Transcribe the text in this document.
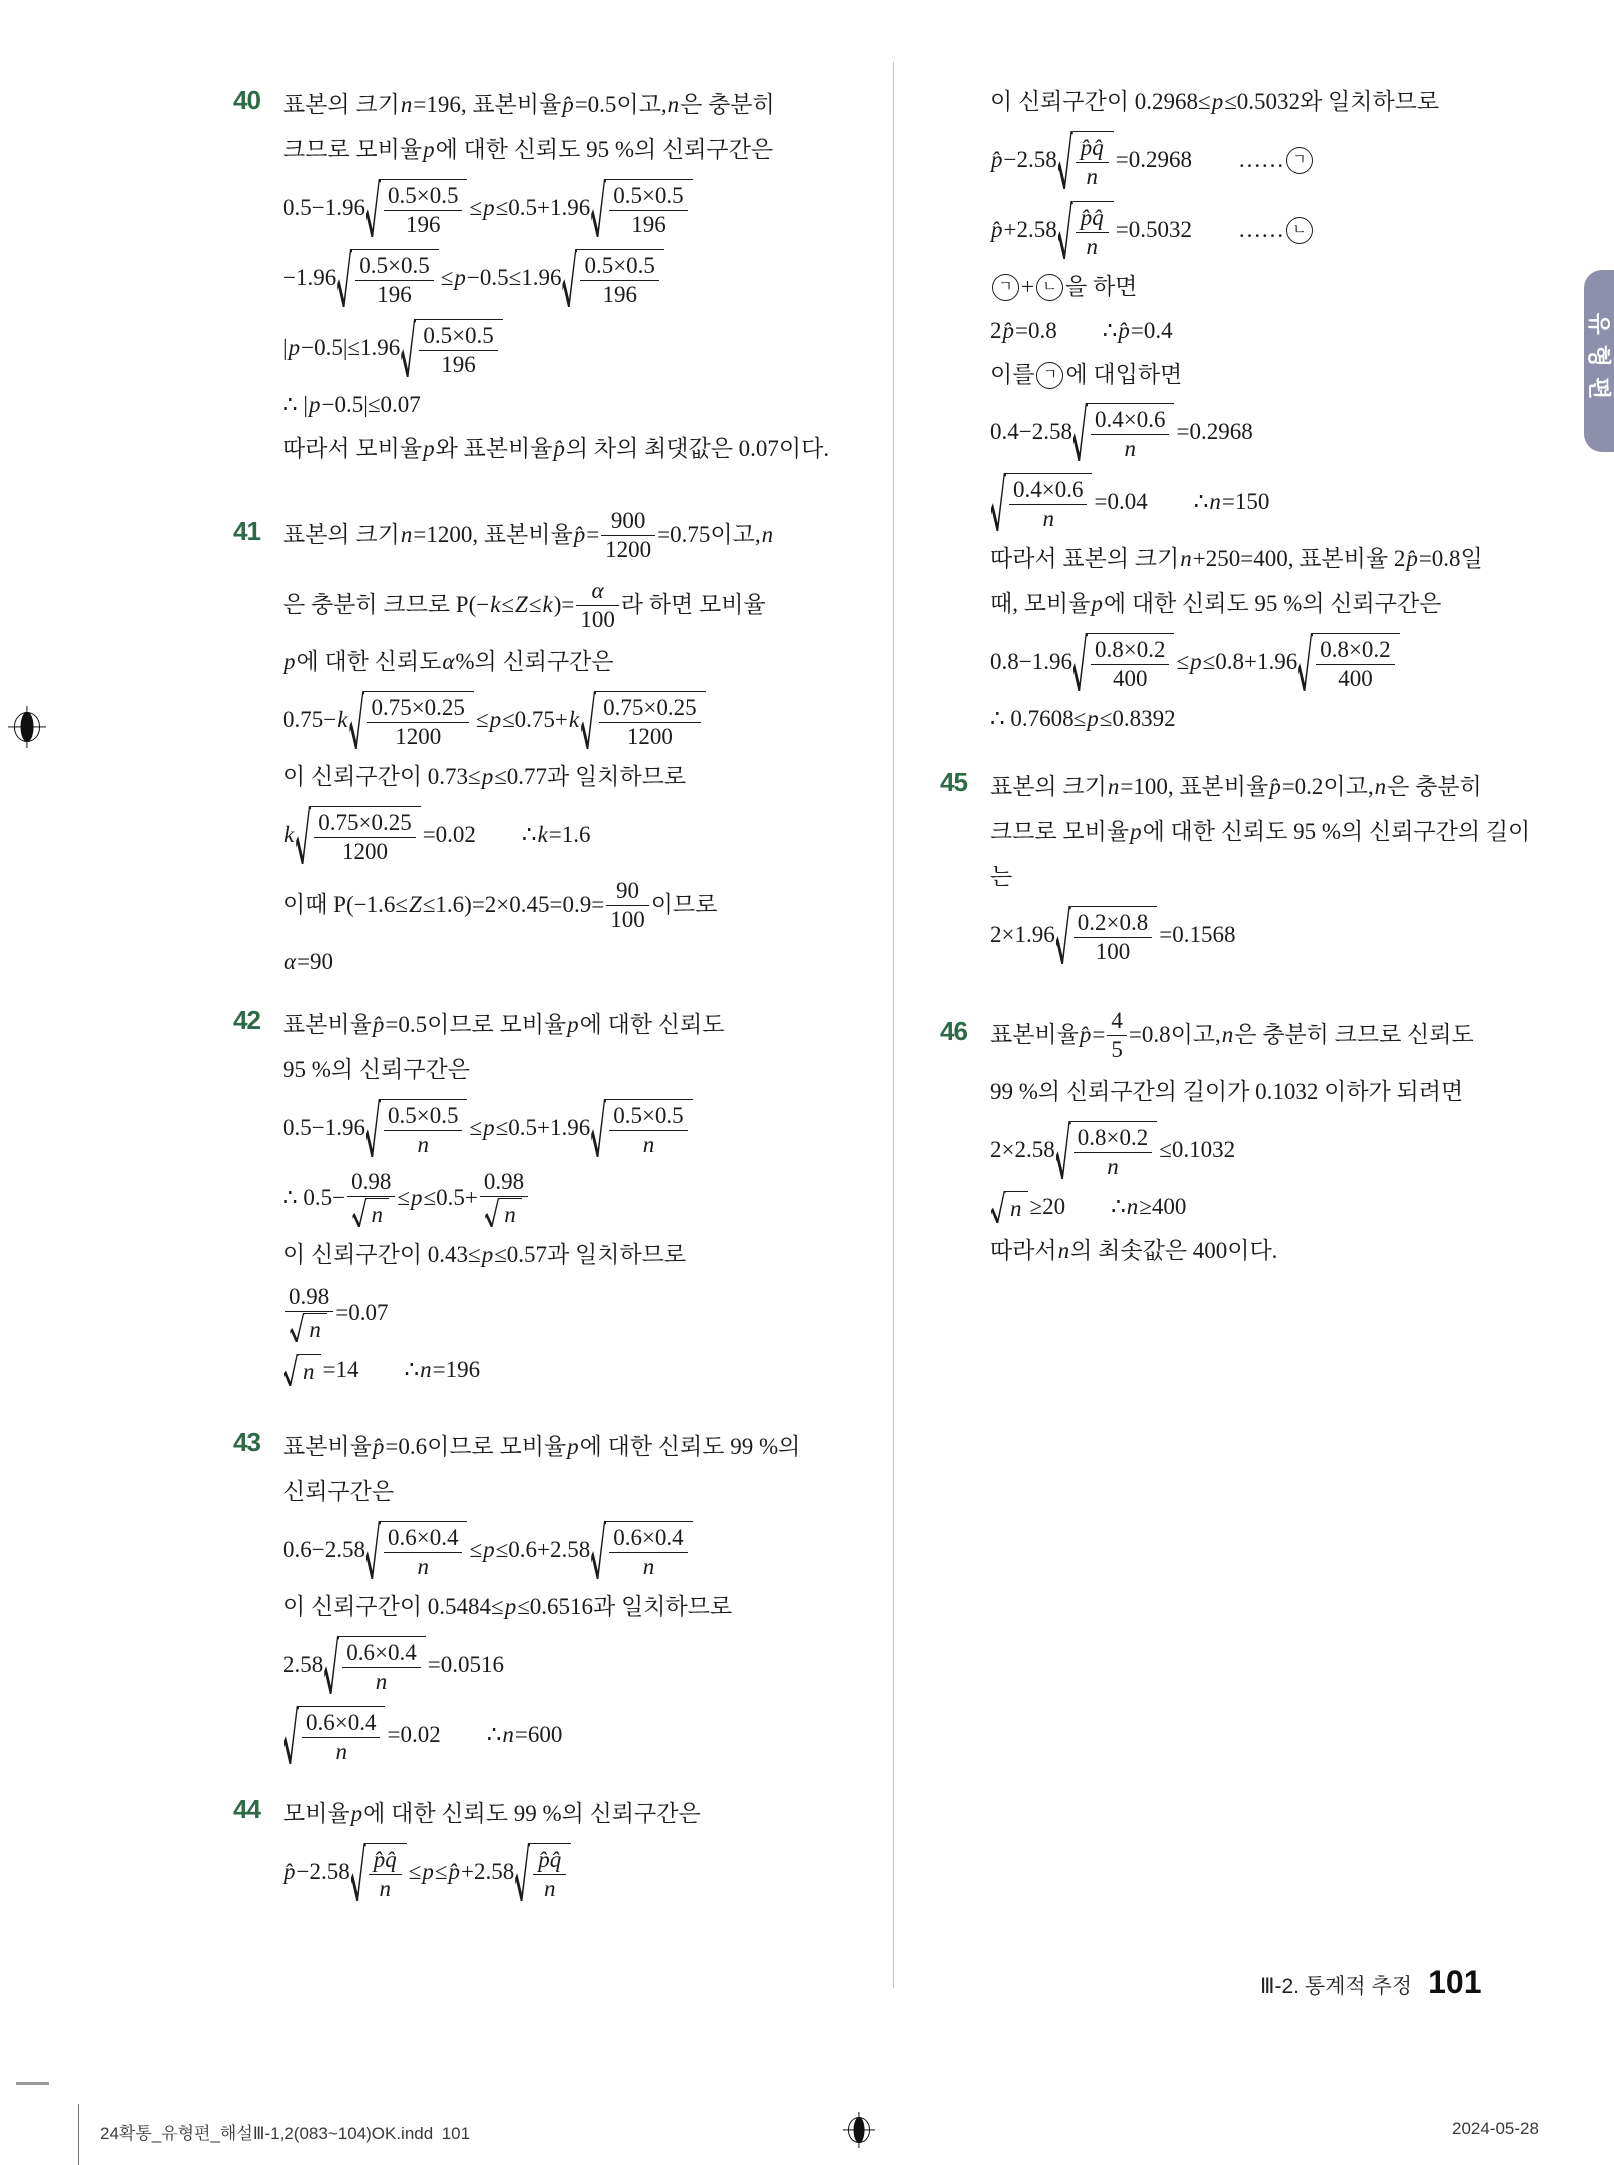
40	표본의 크기 n =196, 표본비율 p̂ =0.5이고, n 은 충분히
크므로 모비율 p 에 대한 신뢰도 95 %의 신뢰구간은
$0.5-1.96 \frac{0.5\times 0.5}{196} \le p \le 0.5+1.96 \frac{0.5\times 0.5}{196}$
$-1.96 \frac{0.5\times 0.5}{196} \le p -0.5\le 1.96 \frac{0.5\times 0.5}{196}$
| $p -0.5|\le 1.96 \frac{0.5\times 0.5}{196}$
∴ | p −0.5|≤0.07
따라서 모비율 p 와 표본비율 p̂ 의 차의 최댓값은 0.07이다.
41	표본의 크기 n =1200, 표본비율 p̂ = $\frac{900}{1200} =0.75$이고, n
은 충분히 크므로 P(− k ≤ Z ≤ k )= $\frac{\alpha}{100}$ 라 하면 모비율
p 에 대한 신뢰도 α %의 신뢰구간은
0.75− k $\frac{0.75\times 0.25}{1200} \le p \le 0.75+ k \frac{0.75\times 0.25}{1200}$
이 신뢰구간이 0.73≤ p ≤0.77과 일치하므로
k $\frac{0.75\times 0.25}{1200} =0.02$  ∴ k =1.6
이때 $P(-1.6\le Z \le 1.6)=2\times 0.45=0.9= \frac{90}{100}$ 이므로
α =90
42	표본비율 p̂ =0.5이므로 모비율 p 에 대한 신뢰도
95 %의 신뢰구간은
$0.5-1.96 \frac{0.5\times 0.5}{n} \le p \le 0.5+1.96 \frac{0.5\times 0.5}{n}$
∴ $0.5- \frac{0.98}{n} \le p \le 0.5+ \frac{0.98}{n}$
이 신뢰구간이 0.43≤ p ≤0.57과 일치하므로
$\frac{0.98}{n} =0.07$
n =14  ∴ n =196
43	표본비율 p̂ =0.6이므로 모비율 p 에 대한 신뢰도 99 %의
신뢰구간은
$0.6-2.58 \frac{0.6\times 0.4}{n} \le p \le 0.6+2.58 \frac{0.6\times 0.4}{n}$
이 신뢰구간이 0.5484≤ p ≤0.6516과 일치하므로
$2.58 \frac{0.6\times 0.4}{n} =0.0516$
$\frac{0.6\times 0.4}{n} =0.02$  ∴ n =600
44	모비율 p 에 대한 신뢰도 99 %의 신뢰구간은
p̂ $-2.58 \frac{p̂q̂}{n} \le p$ ≤ p̂ $+2.58 \frac{p̂q̂}{n}$
이 신뢰구간이 0.2968≤ p ≤0.5032와 일치하므로
p̂ $-2.58 \frac{p̂q̂}{n} =0.2968$  …… ㄱ
p̂ $+2.58 \frac{p̂q̂}{n} =0.5032$  …… ㄴ
ㄱ + ㄴ 을 하면
2 p̂ =0.8  ∴ p̂ =0.4
이를 ㄱ 에 대입하면
$0.4-2.58 \frac{0.4\times 0.6}{n} =0.2968$
$\frac{0.4\times 0.6}{n} =0.04$  ∴ n =150
따라서 표본의 크기 n +250=400, 표본비율 2 p̂ =0.8일
때, 모비율 p 에 대한 신뢰도 95 %의 신뢰구간은
$0.8-1.96 \frac{0.8\times 0.2}{400} \le p \le 0.8+1.96 \frac{0.8\times 0.2}{400}$
∴ 0.7608≤ p ≤0.8392
45	표본의 크기 n =100, 표본비율 p̂ =0.2이고, n 은 충분히
크므로 모비율 p 에 대한 신뢰도 95 %의 신뢰구간의 길이
는
$2\times 1.96 \frac{0.2\times 0.8}{100} =0.1568$
46	표본비율 p̂ = $\frac{4}{5} =0.8$이고, n 은 충분히 크므로 신뢰도
99 %의 신뢰구간의 길이가 0.1032 이하가 되려면
$2\times 2.58 \frac{0.8\times 0.2}{n} \le 0.1032$
n ≥20  ∴ n ≥400
따라서 n 의 최솟값은 400이다.
유형편
Ⅲ-2. 통계적 추정 101
24확통_유형편_해설Ⅲ-1,2(083~104)OK.indd 101	2024-05-28
